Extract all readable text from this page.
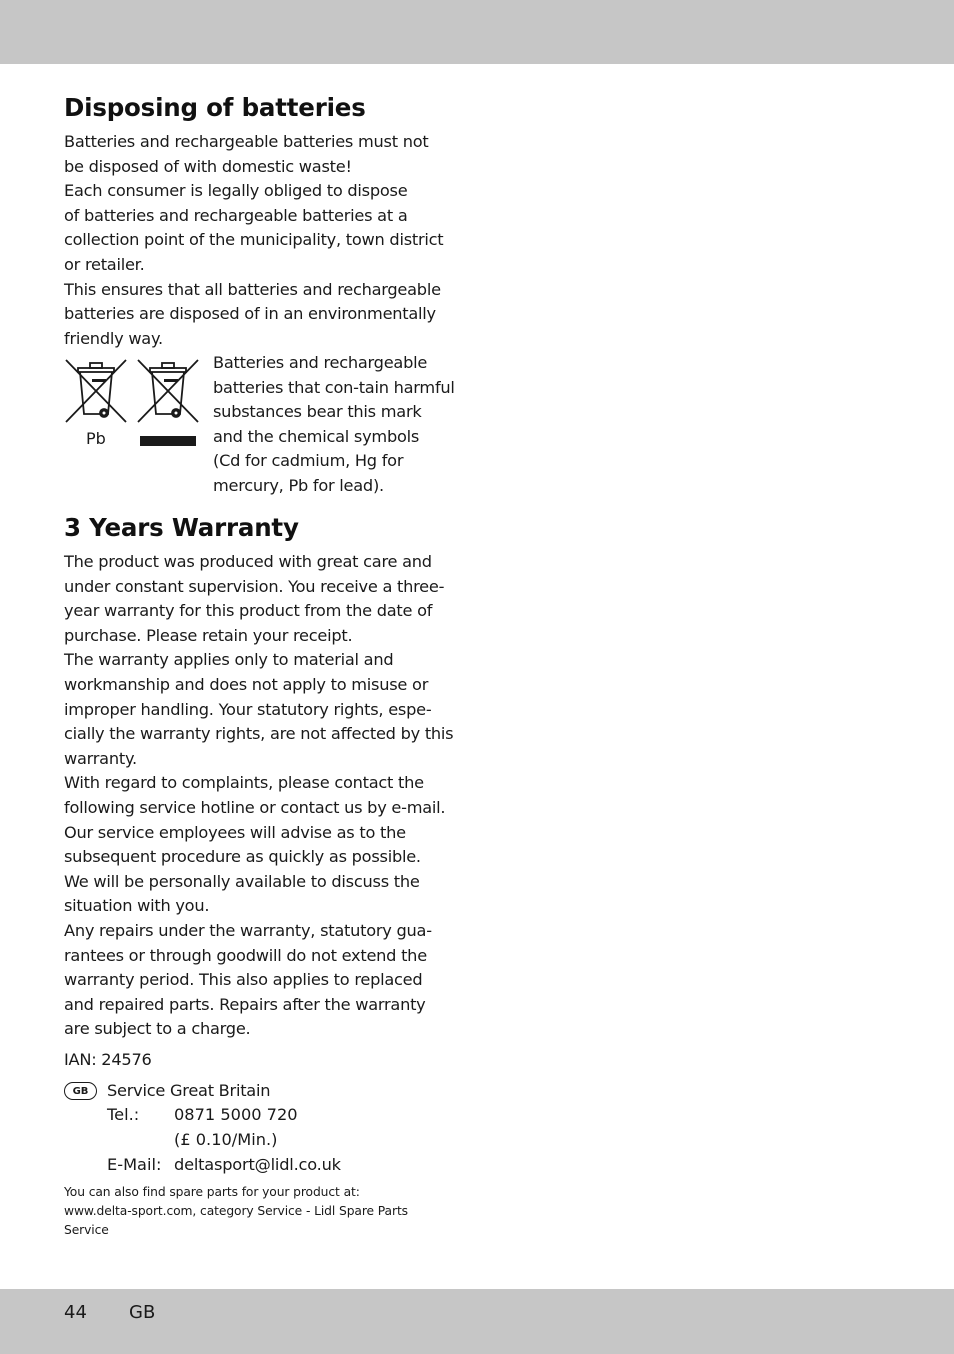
Disposing of batteries

Batteries and rechargeable batteries must not
be disposed of with domestic waste!
Each consumer is legally obliged to dispose
of batteries and rechargeable batteries at a
collection point of the municipality, town district
or retailer.
This ensures that all batteries and rechargeable
batteries are disposed of in an environmentally
friendly way.

Pb

Batteries and rechargeable
batteries that con-tain harmful
substances bear this mark
and the chemical symbols
(Cd for cadmium, Hg for
mercury, Pb for lead).

3 Years Warranty

The product was produced with great care and
under constant supervision. You receive a three-
year warranty for this product from the date of
purchase. Please retain your receipt.
The warranty applies only to material and
workmanship and does not apply to misuse or
improper handling. Your statutory rights, espe-
cially the warranty rights, are not affected by this
warranty.
With regard to complaints, please contact the
following service hotline or contact us by e-mail.
Our service employees will advise as to the
subsequent procedure as quickly as possible.
We will be personally available to discuss the
situation with you.
Any repairs under the warranty, statutory gua-
rantees or through goodwill do not extend the
warranty period. This also applies to replaced
and repaired parts. Repairs after the warranty
are subject to a charge.

IAN: 24576
GB	Service Great Britain
Tel.: 0871 5000 720
(£ 0.10/Min.)
E-Mail: deltasport@lidl.co.uk

You can also find spare parts for your product at:
www.delta-sport.com, category Service - Lidl Spare Parts
Service

44 GB
